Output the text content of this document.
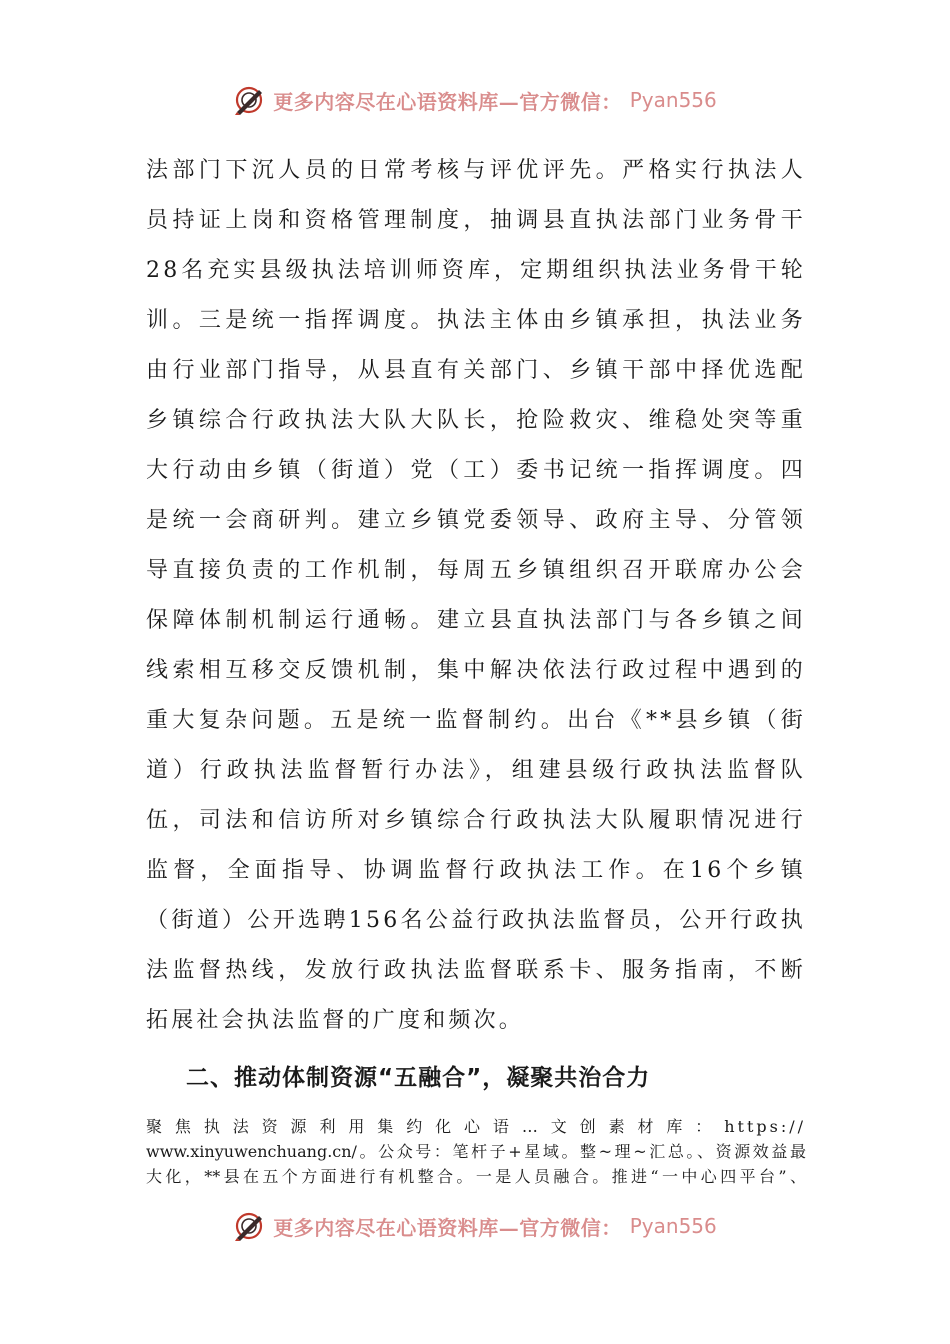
更多内容尽在心语资料库—官方微信： Pyan556
法部门下沉人员的日常考核与评优评先。严格实行执法人
员持证上岗和资格管理制度，抽调县直执法部门业务骨干
28名充实县级执法培训师资库，定期组织执法业务骨干轮
训。三是统一指挥调度。执法主体由乡镇承担，执法业务
由行业部门指导，从县直有关部门、乡镇干部中择优选配
乡镇综合行政执法大队大队长，抢险救灾、维稳处突等重
大行动由乡镇（街道）党（工）委书记统一指挥调度。四
是统一会商研判。建立乡镇党委领导、政府主导、分管领
导直接负责的工作机制，每周五乡镇组织召开联席办公会
保障体制机制运行通畅。建立县直执法部门与各乡镇之间
线索相互移交反馈机制，集中解决依法行政过程中遇到的
重大复杂问题。五是统一监督制约。出台《**县乡镇（街
道）行政执法监督暂行办法》，组建县级行政执法监督队
伍，司法和信访所对乡镇综合行政执法大队履职情况进行
监督，全面指导、协调监督行政执法工作。在16个乡镇
（街道）公开选聘156名公益行政执法监督员，公开行政执
法监督热线，发放行政执法监督联系卡、服务指南，不断
拓展社会执法监督的广度和频次。
二、推动体制资源“五融合”，凝聚共治合力
聚焦执法资源利用集约化心语…文创素材库：https://
www.xinyuwenchuang.cn/。公众号：笔杆子+星域。整~理~汇总。、资源效益最
大化，**县在五个方面进行有机整合。一是人员融合。推进“一中心四平台”、
更多内容尽在心语资料库—官方微信： Pyan556
